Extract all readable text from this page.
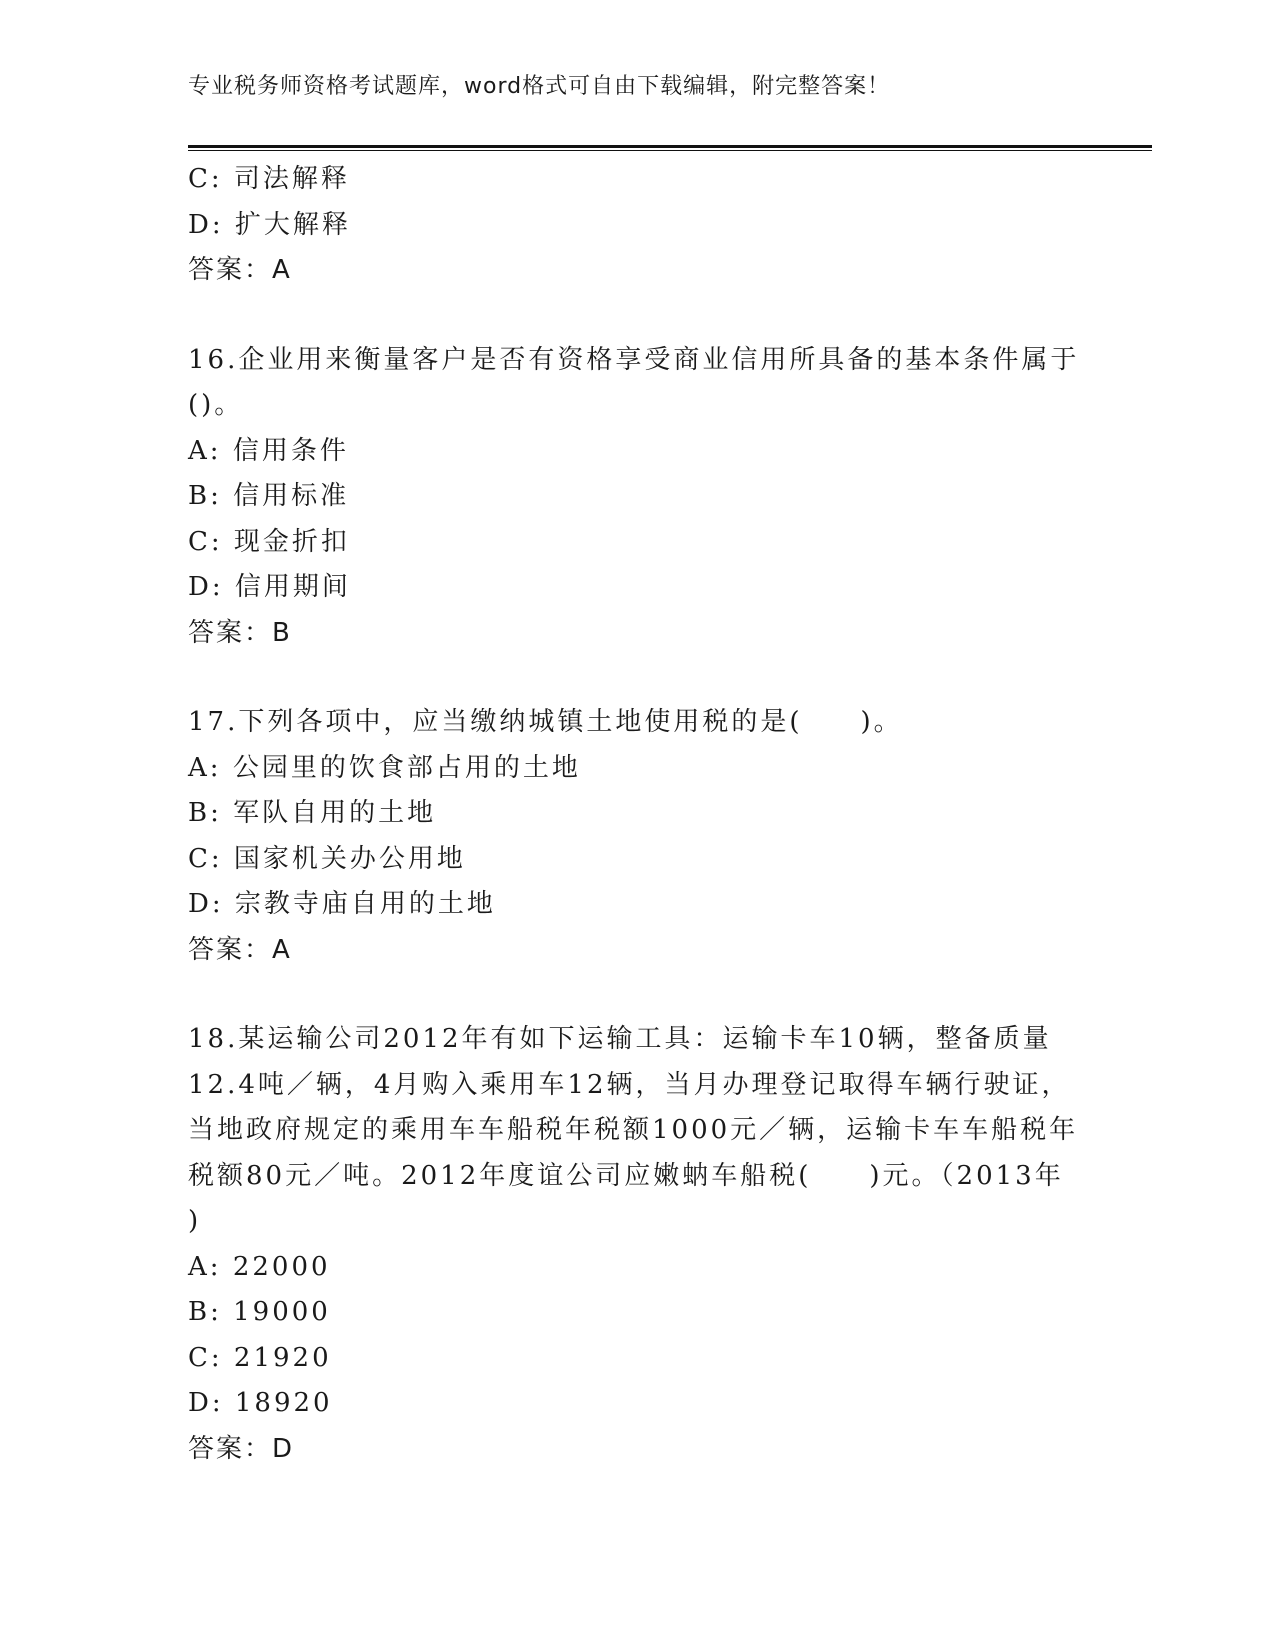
专业税务师资格考试题库，word格式可自由下载编辑，附完整答案！
C: 司法解释
D: 扩大解释
答案：A
16.企业用来衡量客户是否有资格享受商业信用所具备的基本条件属于
()。
A: 信用条件
B: 信用标准
C: 现金折扣
D: 信用期间
答案：B
17.下列各项中，应当缴纳城镇土地使用税的是(　　)。
A: 公园里的饮食部占用的土地
B: 军队自用的土地
C: 国家机关办公用地
D: 宗教寺庙自用的土地
答案：A
18.某运输公司2012年有如下运输工具：运输卡车10辆，整备质量
12.4吨／辆，4月购入乘用车12辆，当月办理登记取得车辆行驶证，
当地政府规定的乘用车车船税年税额1000元／辆，运输卡车车船税年
税额80元／吨。2012年度谊公司应嫩蚋车船税(　　)元。（2013年
)
A: 22000
B: 19000
C: 21920
D: 18920
答案：D
